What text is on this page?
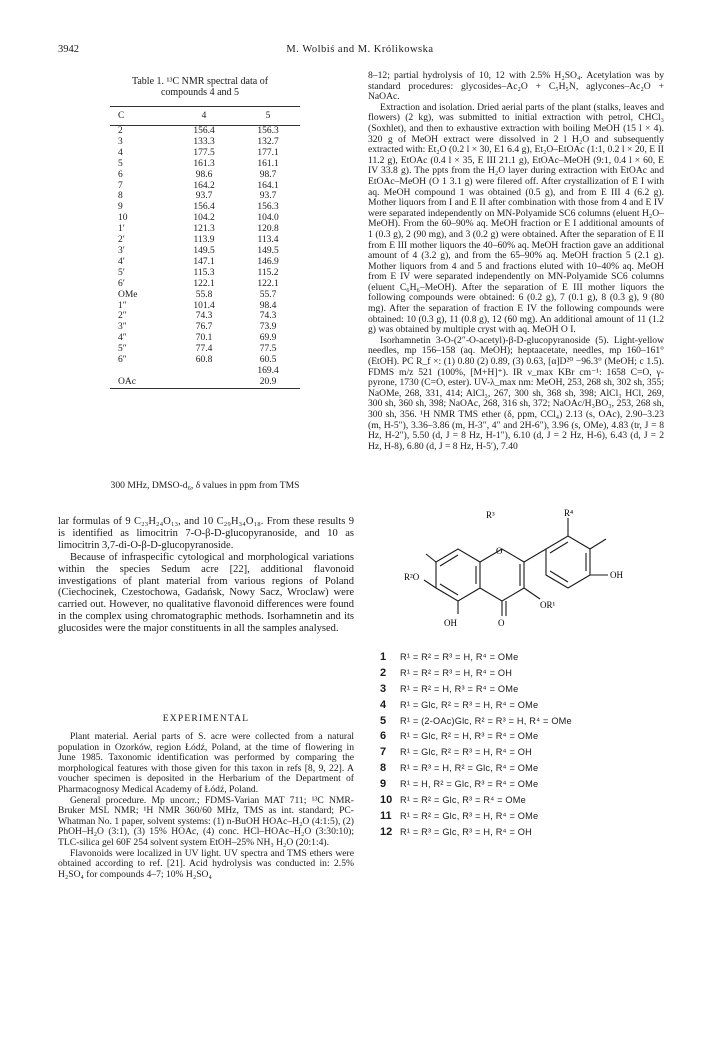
3942	M. Wolbiś and M. Królikowska
Table 1. ¹³C NMR spectral data of compounds 4 and 5
C	4	5
2	156.4	156.3
3	133.3	132.7
4	177.5	177.1
5	161.3	161.1
6	98.6	98.7
7	164.2	164.1
8	93.7	93.7
9	156.4	156.3
10	104.2	104.0
1′	121.3	120.8
2′	113.9	113.4
3′	149.5	149.5
4′	147.1	146.9
5′	115.3	115.2
6′	122.1	122.1
OMe	55.8	55.7
1″	101.4	98.4
2″	74.3	74.3
3″	76.7	73.9
4″	70.1	69.9
5″	77.4	77.5
6″	60.8	60.5
		169.4
OAc		20.9
300 MHz, DMSO-d₆, δ values in ppm from TMS

lar formulas of 9 C₂₃H₂₄O₁₃, and 10 C₂₉H₃₄O₁₈. From these results 9 is identified as limocitrin 7-O-β-D-glucopyranoside, and 10 as limocitrin 3,7-di-O-β-D-glucopyranoside.

Because of infraspecific cytological and morphological variations within the species Sedum acre [22], additional flavonoid investigations of plant material from various regions of Poland (Ciechocinek, Czestochowa, Gadańsk, Nowy Sacz, Wroclaw) were carried out. However, no qualitative flavonoid differences were found in the complex using chromatographic methods. Isorhamnetin and its glucosides were the major constituents in all the samples analysed.

EXPERIMENTAL

Plant material. Aerial parts of S. acre were collected from a natural population in Ozorków, region Łódź, Poland, at the time of flowering in June 1985. Taxonomic identification was performed by comparing the morphological features with those given for this taxon in refs [8, 9, 22]. A voucher specimen is deposited in the Herbarium of the Department of Pharmacognosy Medical Academy of Łódź, Poland.

General procedure. Mp uncorr.; FDMS-Varian MAT 711; ¹³C NMR-Bruker MSL NMR; ¹H NMR 360/60 MHz, TMS as int. standard; PC-Whatman No. 1 paper, solvent systems: (1) n-BuOH HOAc–H₂O (4:1:5), (2) PhOH–H₂O (3:1), (3) 15% HOAc, (4) conc. HCl–HOAc–H₂O (3:30:10); TLC-silica gel 60F 254 solvent system EtOH–25% NH₃ H₂O (20:1:4).

Flavonoids were localized in UV light. UV spectra and TMS ethers were obtained according to ref. [21]. Acid hydrolysis was conducted in: 2.5% H₂SO₄ for compounds 4–7; 10% H₂SO₄

8–12; partial hydrolysis of 10, 12 with 2.5% H₂SO₄. Acetylation was by standard procedures: glycosides–Ac₂O + C₅H₅N, aglycones–Ac₂O + NaOAc.

Extraction and isolation. Dried aerial parts of the plant (stalks, leaves and flowers) (2 kg), was submitted to initial extraction with petrol, CHCl₃ (Soxhlet), and then to exhaustive extraction with boiling MeOH (15 l × 4). 320 g of MeOH extract were dissolved in 2 l H₂O and subsequently extracted with: Et₂O (0.2 l × 30, E1 6.4 g), Et₂O–EtOAc (1:1, 0.2 l × 20, E II 11.2 g), EtOAc (0.4 l × 35, E III 21.1 g), EtOAc–MeOH (9:1, 0.4 l × 60, E IV 33.8 g). The ppts from the H₂O layer during extraction with EtOAc and EtOAc–MeOH (O 1 3.1 g) were filered off. After crystallization of E I with aq. MeOH compound 1 was obtained (0.5 g), and from E III 4 (6.2 g). Mother liquors from I and E II after combination with those from 4 and E IV were separated independently on MN-Polyamide SC6 columns (eluent H₂O–MeOH). From the 60–90% aq. MeOH fraction or E I additional amounts of 1 (0.3 g), 2 (90 mg), and 3 (0.2 g) were obtained. After the separation of E II from E III mother liquors the 40–60% aq. MeOH fraction gave an additional amount of 4 (3.2 g), and from the 65–90% aq. MeOH fraction 5 (2.1 g). Mother liquors from 4 and 5 and fractions eluted with 10–40% aq. MeOH from E IV were separated independently on MN-Polyamide SC6 columns (eluent C₆H₆–MeOH). After the separation of E III mother liquors the following compounds were obtained: 6 (0.2 g), 7 (0.1 g), 8 (0.3 g), 9 (80 mg). After the separation of fraction E IV the following compounds were obtained: 10 (0.3 g), 11 (0.8 g), 12 (60 mg). An additional amount of 11 (1.2 g) was obtained by multiple cryst with aq. MeOH O I.

Isorhamnetin 3-O-(2″-O-acetyl)-β-D-glucopyranoside (5). Light-yellow needles, mp 156–158 (aq. MeOH); heptaacetate, needles, mp 160–161° (EtOH). PC R_f ×: (1) 0.80 (2) 0.89, (3) 0.63, [α]D²⁰ −96.3° (MeOH; c 1.5). FDMS m/z 521 (100%, [M+H]⁺). IR ν_max KBr cm⁻¹: 1658 C=O, γ-pyrone, 1730 (C=O, ester). UV-λ_max nm: MeOH, 253, 268 sh, 302 sh, 355; NaOMe, 268, 331, 414; AlCl₃, 267, 300 sh, 368 sh, 398; AlCl₃ HCl, 269, 300 sh, 360 sh, 398; NaOAc, 268, 316 sh, 372; NaOAc/H₃BO₃, 253, 268 sh, 300 sh, 356. ¹H NMR TMS ether (δ, ppm, CCl₄) 2.13 (s, OAc), 2.90–3.23 (m, H-5″), 3.36–3.86 (m, H-3″, 4″ and 2H-6″), 3.96 (s, OMe), 4.83 (tr, J = 8 Hz, H-2″), 5.50 (d, J = 8 Hz, H-1″), 6.10 (d, J = 2 Hz, H-6), 6.43 (d, J = 2 Hz, H-8), 6.80 (d, J = 8 Hz, H-5′), 7.40

O
R²O
R³	R⁴
OH
OR¹
OH	O
1 R¹ = R² = R³ = H, R⁴ = OMe
2 R¹ = R² = R³ = H, R⁴ = OH
3 R¹ = R² = H, R³ = R⁴ = OMe
4 R¹ = Glc, R² = R³ = H, R⁴ = OMe
5 R¹ = (2-OAc)Glc, R² = R³ = H, R⁴ = OMe
6 R¹ = Glc, R² = H, R³ = R⁴ = OMe
7 R¹ = Glc, R² = R³ = H, R⁴ = OH
8 R¹ = R³ = H, R² = Glc, R⁴ = OMe
9 R¹ = H, R² = Glc, R³ = R⁴ = OMe
10 R¹ = R² = Glc, R³ = R⁴ = OMe
11 R¹ = R² = Glc, R³ = H, R⁴ = OMe
12 R¹ = R³ = Glc, R³ = H, R⁴ = OH
